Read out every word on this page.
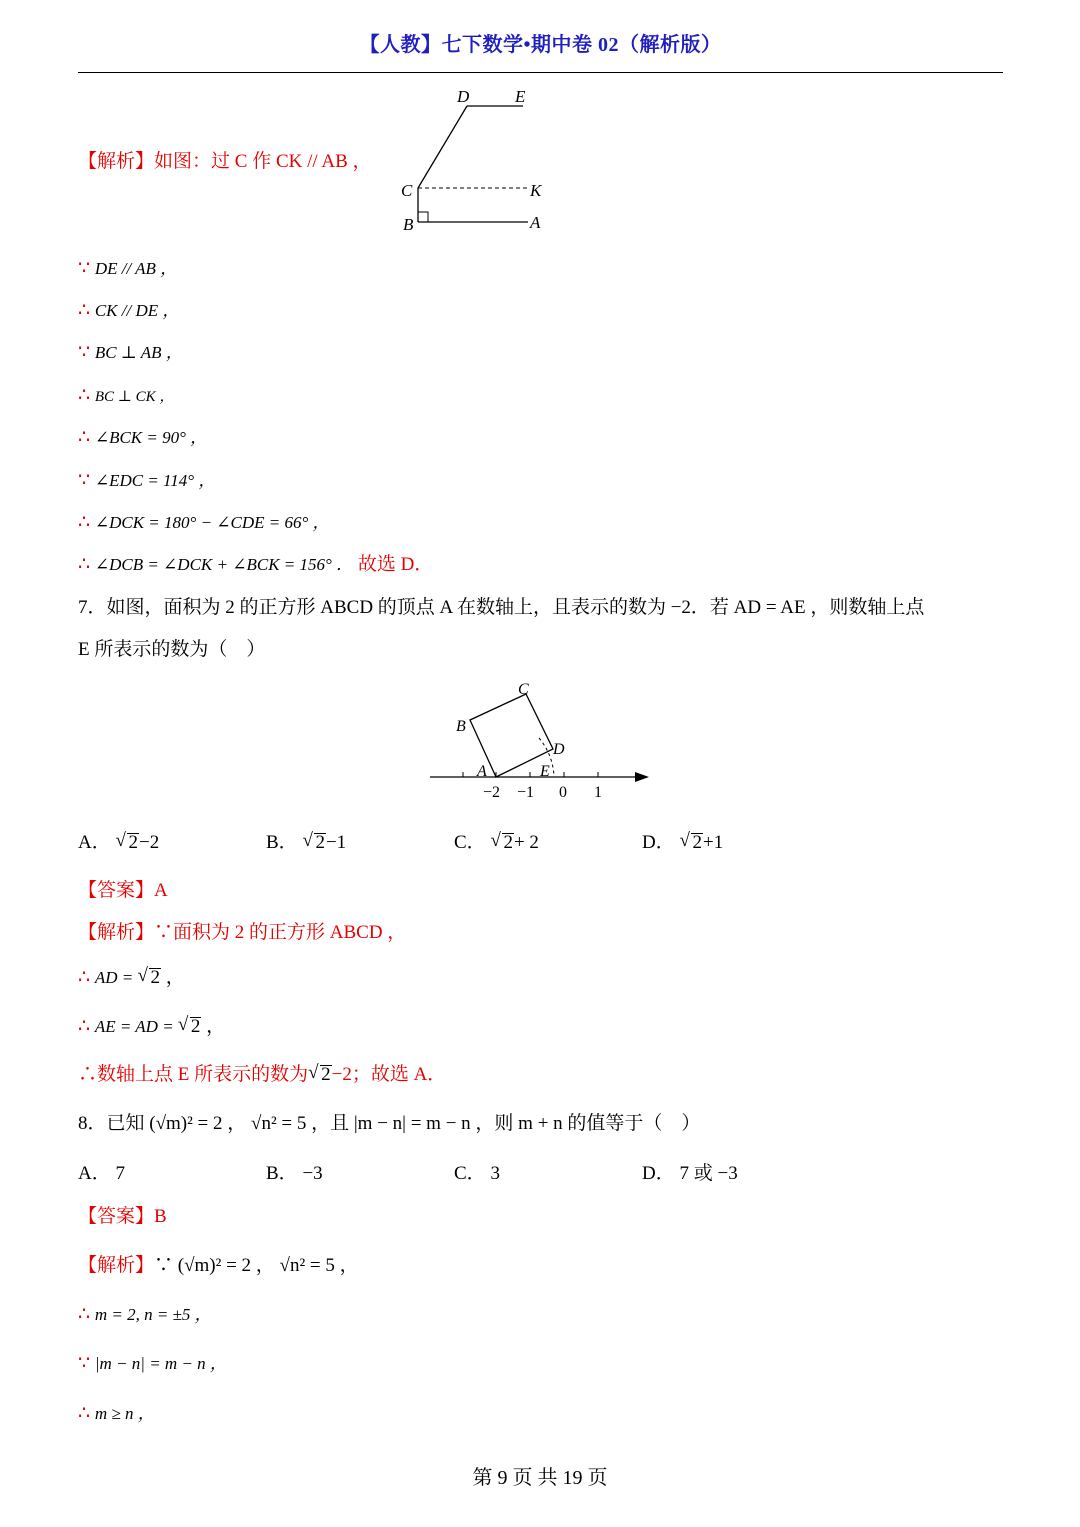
【人教】七下数学•期中卷 02（解析版）
【解析】如图：过 C 作 CK // AB ，
D	E
C	K
B	A
∵ DE // AB ，
∴ CK // DE ，
∵ BC ⊥ AB ，
∴ BC ⊥ CK ，
∴ ∠BCK = 90° ，
∵ ∠EDC = 114° ，
∴ ∠DCK = 180° − ∠CDE = 66° ，
∴ ∠DCB = ∠DCK + ∠BCK = 156° ． 故选 D．
7．如图，面积为 2 的正方形 ABCD 的顶点 A 在数轴上，且表示的数为 −2．若 AD = AE ，则数轴上点
E 所表示的数为（　）
B
C
D
A	E
−2 −1 0 1
A． √ 2−2	B． √ 2−1	C． √ 2+ 2	D． √ 2+1
【答案】A
【解析】∵面积为 2 的正方形 ABCD ，
∴ AD = √ 2 ，
∴ AE = AD = √ 2 ，
∴数轴上点 E 所表示的数为 √ 2−2；故选 A．
8．已知 (√m)² = 2 ， √n² = 5 ，且 |m − n| = m − n ，则 m + n 的值等于（　）
A． 7	B． −3	C． 3	D． 7 或 −3
【答案】B
【解析】∵ (√m)² = 2 ， √n² = 5 ，
∴ m = 2, n = ±5 ，
∵ |m − n| = m − n ，
∴ m ≥ n ，
第 9 页 共 19 页
